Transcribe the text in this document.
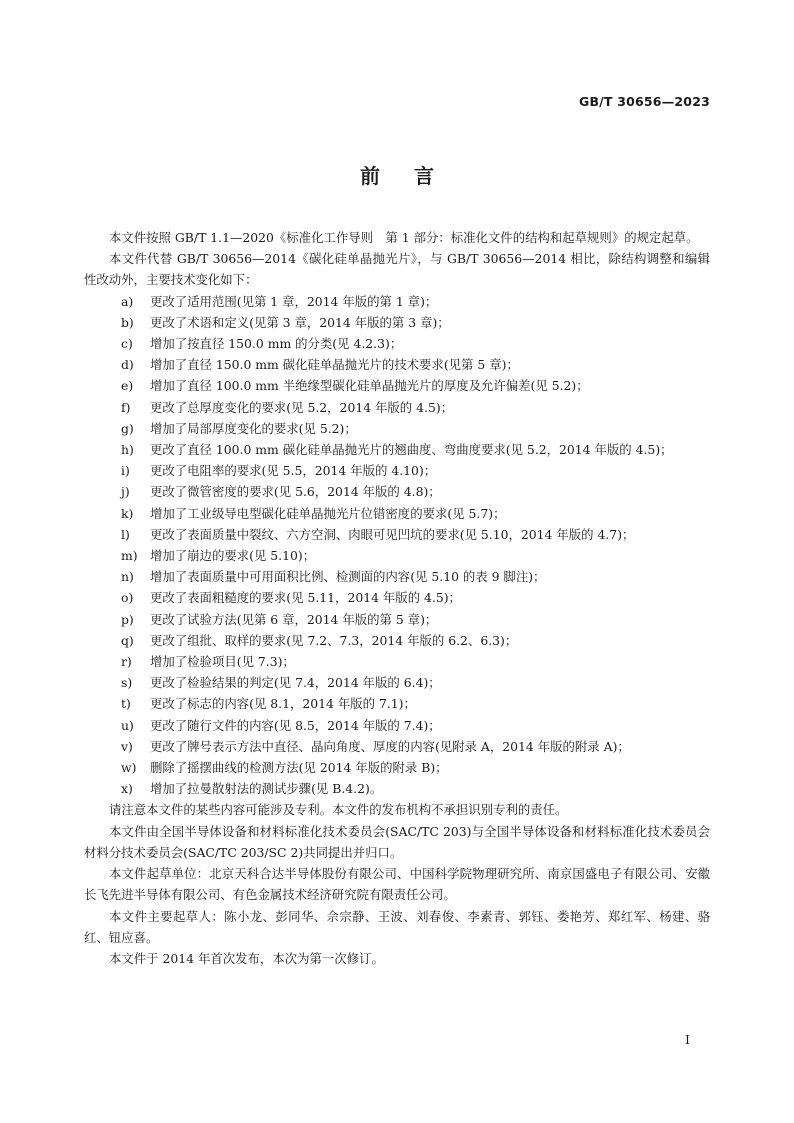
GB/T 30656—2023
前言

本文件按照 GB/T 1.1—2020《标准化工作导则　第 1 部分：标准化文件的结构和起草规则》的规定起草。

本文件代替 GB/T 30656—2014《碳化硅单晶抛光片》，与 GB/T 30656—2014 相比，除结构调整和编辑性改动外，主要技术变化如下：

a)	更改了适用范围(见第 1 章，2014 年版的第 1 章)；

b)	更改了术语和定义(见第 3 章，2014 年版的第 3 章)；

c)	增加了按直径 150.0 mm 的分类(见 4.2.3)；

d)	增加了直径 150.0 mm 碳化硅单晶抛光片的技术要求(见第 5 章)；

e)	增加了直径 100.0 mm 半绝缘型碳化硅单晶抛光片的厚度及允许偏差(见 5.2)；

f)	更改了总厚度变化的要求(见 5.2，2014 年版的 4.5)；

g)	增加了局部厚度变化的要求(见 5.2)；

h)	更改了直径 100.0 mm 碳化硅单晶抛光片的翘曲度、弯曲度要求(见 5.2，2014 年版的 4.5)；

i)	更改了电阻率的要求(见 5.5，2014 年版的 4.10)；

j)	更改了微管密度的要求(见 5.6，2014 年版的 4.8)；

k)	增加了工业级导电型碳化硅单晶抛光片位错密度的要求(见 5.7)；

l)	更改了表面质量中裂纹、六方空洞、肉眼可见凹坑的要求(见 5.10，2014 年版的 4.7)；

m)	增加了崩边的要求(见 5.10)；

n)	增加了表面质量中可用面积比例、检测面的内容(见 5.10 的表 9 脚注)；

o)	更改了表面粗糙度的要求(见 5.11，2014 年版的 4.5)；

p)	更改了试验方法(见第 6 章，2014 年版的第 5 章)；

q)	更改了组批、取样的要求(见 7.2、7.3，2014 年版的 6.2、6.3)；

r)	增加了检验项目(见 7.3)；

s)	更改了检验结果的判定(见 7.4，2014 年版的 6.4)；

t)	更改了标志的内容(见 8.1，2014 年版的 7.1)；

u)	更改了随行文件的内容(见 8.5，2014 年版的 7.4)；

v)	更改了牌号表示方法中直径、晶向角度、厚度的内容(见附录 A，2014 年版的附录 A)；

w)	删除了摇摆曲线的检测方法(见 2014 年版的附录 B)；

x)	增加了拉曼散射法的测试步骤(见 B.4.2)。

请注意本文件的某些内容可能涉及专利。本文件的发布机构不承担识别专利的责任。

本文件由全国半导体设备和材料标准化技术委员会(SAC/TC 203)与全国半导体设备和材料标准化技术委员会材料分技术委员会(SAC/TC 203/SC 2)共同提出并归口。

本文件起草单位：北京天科合达半导体股份有限公司、中国科学院物理研究所、南京国盛电子有限公司、安徽长飞先进半导体有限公司、有色金属技术经济研究院有限责任公司。

本文件主要起草人：陈小龙、彭同华、佘宗静、王波、刘春俊、李素青、郭钰、娄艳芳、郑红军、杨建、骆红、钮应喜。

本文件于 2014 年首次发布，本次为第一次修订。

I
